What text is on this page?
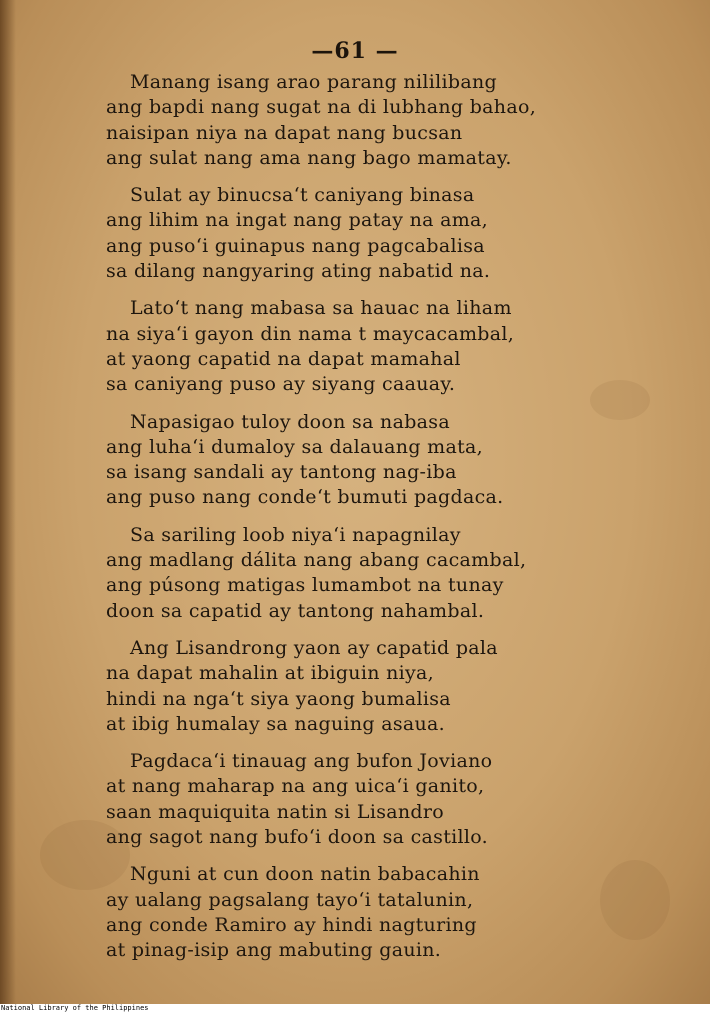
—61 —
Manang isang arao parang nililibang
ang bapdi nang sugat na di lubhang bahao,
naisipan niya na dapat nang bucsan
ang sulat nang ama nang bago mamatay.
Sulat ay binucsa‘t caniyang binasa
ang lihim na ingat nang patay na ama,
ang puso‘i guinapus nang pagcabalisa
sa dilang nangyaring ating nabatid na.
Lato‘t nang mabasa sa hauac na liham
na siya‘i gayon din nama t maycacambal,
at yaong capatid na dapat mamahal
sa caniyang puso ay siyang caauay.
Napasigao tuloy doon sa nabasa
ang luha‘i dumaloy sa dalauang mata,
sa isang sandali ay tantong nag-iba
ang puso nang conde‘t bumuti pagdaca.
Sa sariling loob niya‘i napagnilay
ang madlang dálita nang abang cacambal,
ang púsong matigas lumambot na tunay
doon sa capatid ay tantong nahambal.
Ang Lisandrong yaon ay capatid pala
na dapat mahalin at ibiguin niya,
hindi na nga‘t siya yaong bumalisa
at ibig humalay sa naguing asaua.
Pagdaca‘i tinauag ang bufon Joviano
at nang maharap na ang uica‘i ganito,
saan maquiquita natin si Lisandro
ang sagot nang bufo‘i doon sa castillo.
Nguni at cun doon natin babacahin
ay ualang pagsalang tayo‘i tatalunin,
ang conde Ramiro ay hindi nagturing
at pinag-isip ang mabuting gauin.
National Library of the Philippines
